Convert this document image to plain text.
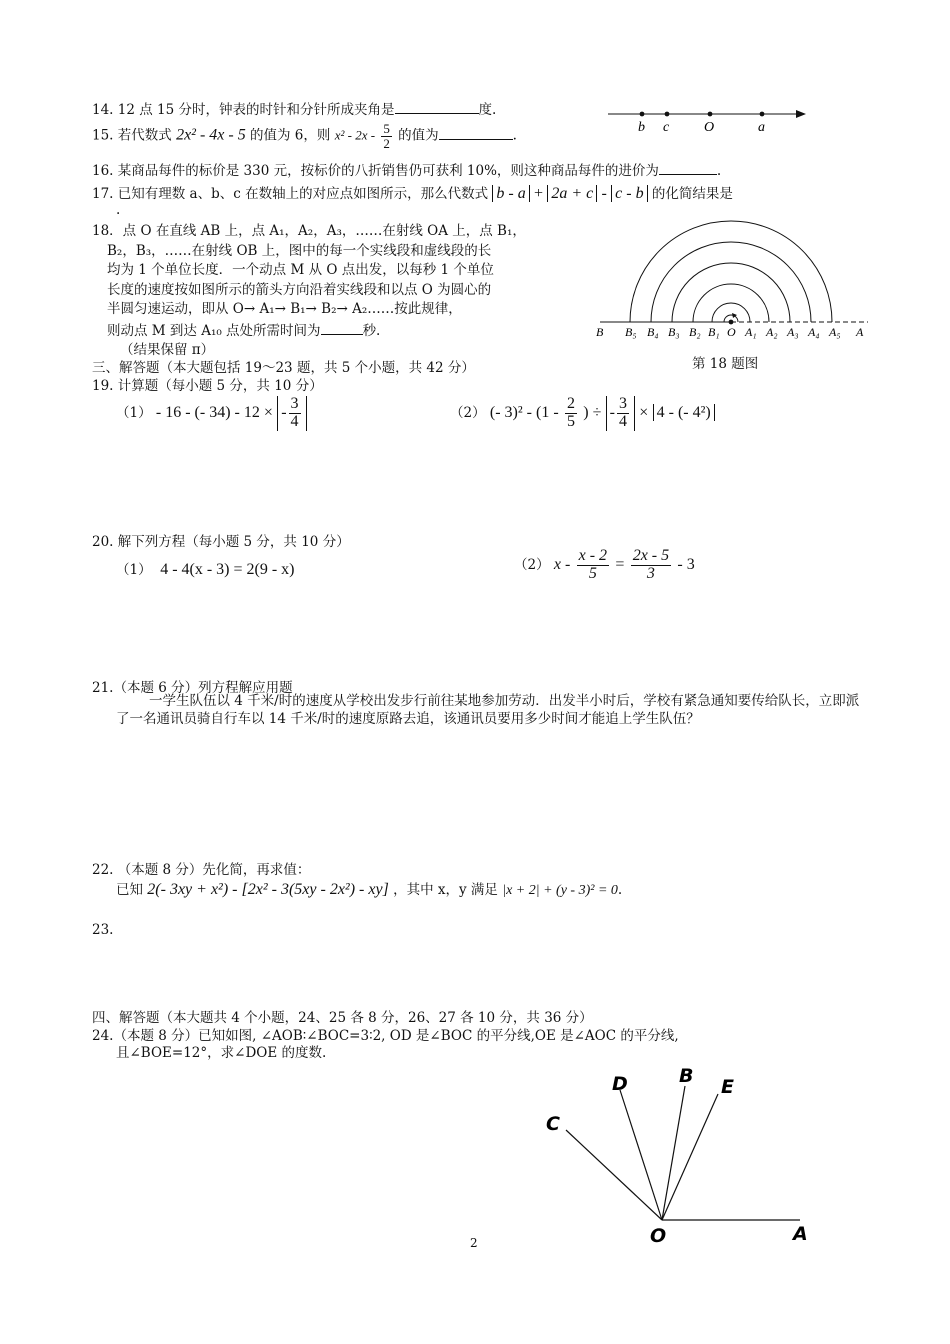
14. 12 点 15 分时，钟表的时针和分针所成夹角是	度.
b c O	a
15. 若代数式 2x² - 4x - 5 的值为 6，则 $x^2 - 2x - \frac{5}{2}$ 的值为	.
16. 某商品每件的标价是 330 元，按标价的八折销售仍可获利 10%，则这种商品每件的进价为	.
17. 已知有理数 a、b、c 在数轴上的对应点如图所示，那么代数式 b - a + 2a + c - c - b 的化简结果是
.
18．点 O 在直线 AB 上，点 A₁，A₂，A₃，……在射线 OA 上，点 B₁，
B₂，B₃，……在射线 OB 上，图中的每一个实线段和虚线段的长
均为 1 个单位长度．一个动点 M 从 O 点出发，以每秒 1 个单位
长度的速度按如图所示的箭头方向沿着实线段和以点 O 为圆心的
半圆匀速运动，即从 O→ A₁→ B₁→ B₂→ A₂……按此规律，
则动点 M 到达 A₁₀ 点处所需时间为	秒.
（结果保留 π）
B B₅ B₄ B₃ B₂ B₁ O A₁ A₂ A₃ A₄ A₅ A
第 18 题图
三、解答题（本大题包括 19～23 题，共 5 个小题，共 42 分）
19. 计算题（每小题 5 分，共 10 分）
（1） - 16 - (- 34) - 12 × - $\frac{3}{4}$	（2） (- $3)^2 - (1 - \frac{2}{5}$ ) ÷ - $\frac{3}{4} \times 4$ - (- 4²)
20. 解下列方程（每小题 5 分，共 10 分）
（1） 4 - 4(x - 3) = 2(9 - x)	（2） $x - \frac{x - 2}{5} = \frac{2x - 5}{3} - 3$
21.（本题 6 分）列方程解应用题
一学生队伍以 4 千米/时的速度从学校出发步行前往某地参加劳动．出发半小时后，学校有紧急通知要传给队长，立即派了一名通讯员骑自行车以 14 千米/时的速度原路去追，该通讯员要用多少时间才能追上学生队伍？
22. （本题 8 分）先化简，再求值：
已知 2(- 3xy + x²) - [2x² - 3(5xy - 2x²) - xy] ，其中 x，y 满足 |x + 2| + (y - 3)² = 0.
23.
四、解答题（本大题共 4 个小题，24、25 各 8 分，26、27 各 10 分，共 36 分）
24.（本题 8 分）已知如图, ∠AOB∶∠BOC=3∶2, OD 是∠BOC 的平分线,OE 是∠AOC 的平分线,
且∠BOE=12°，求∠DOE 的度数.
D	B E
C
O	A
2
